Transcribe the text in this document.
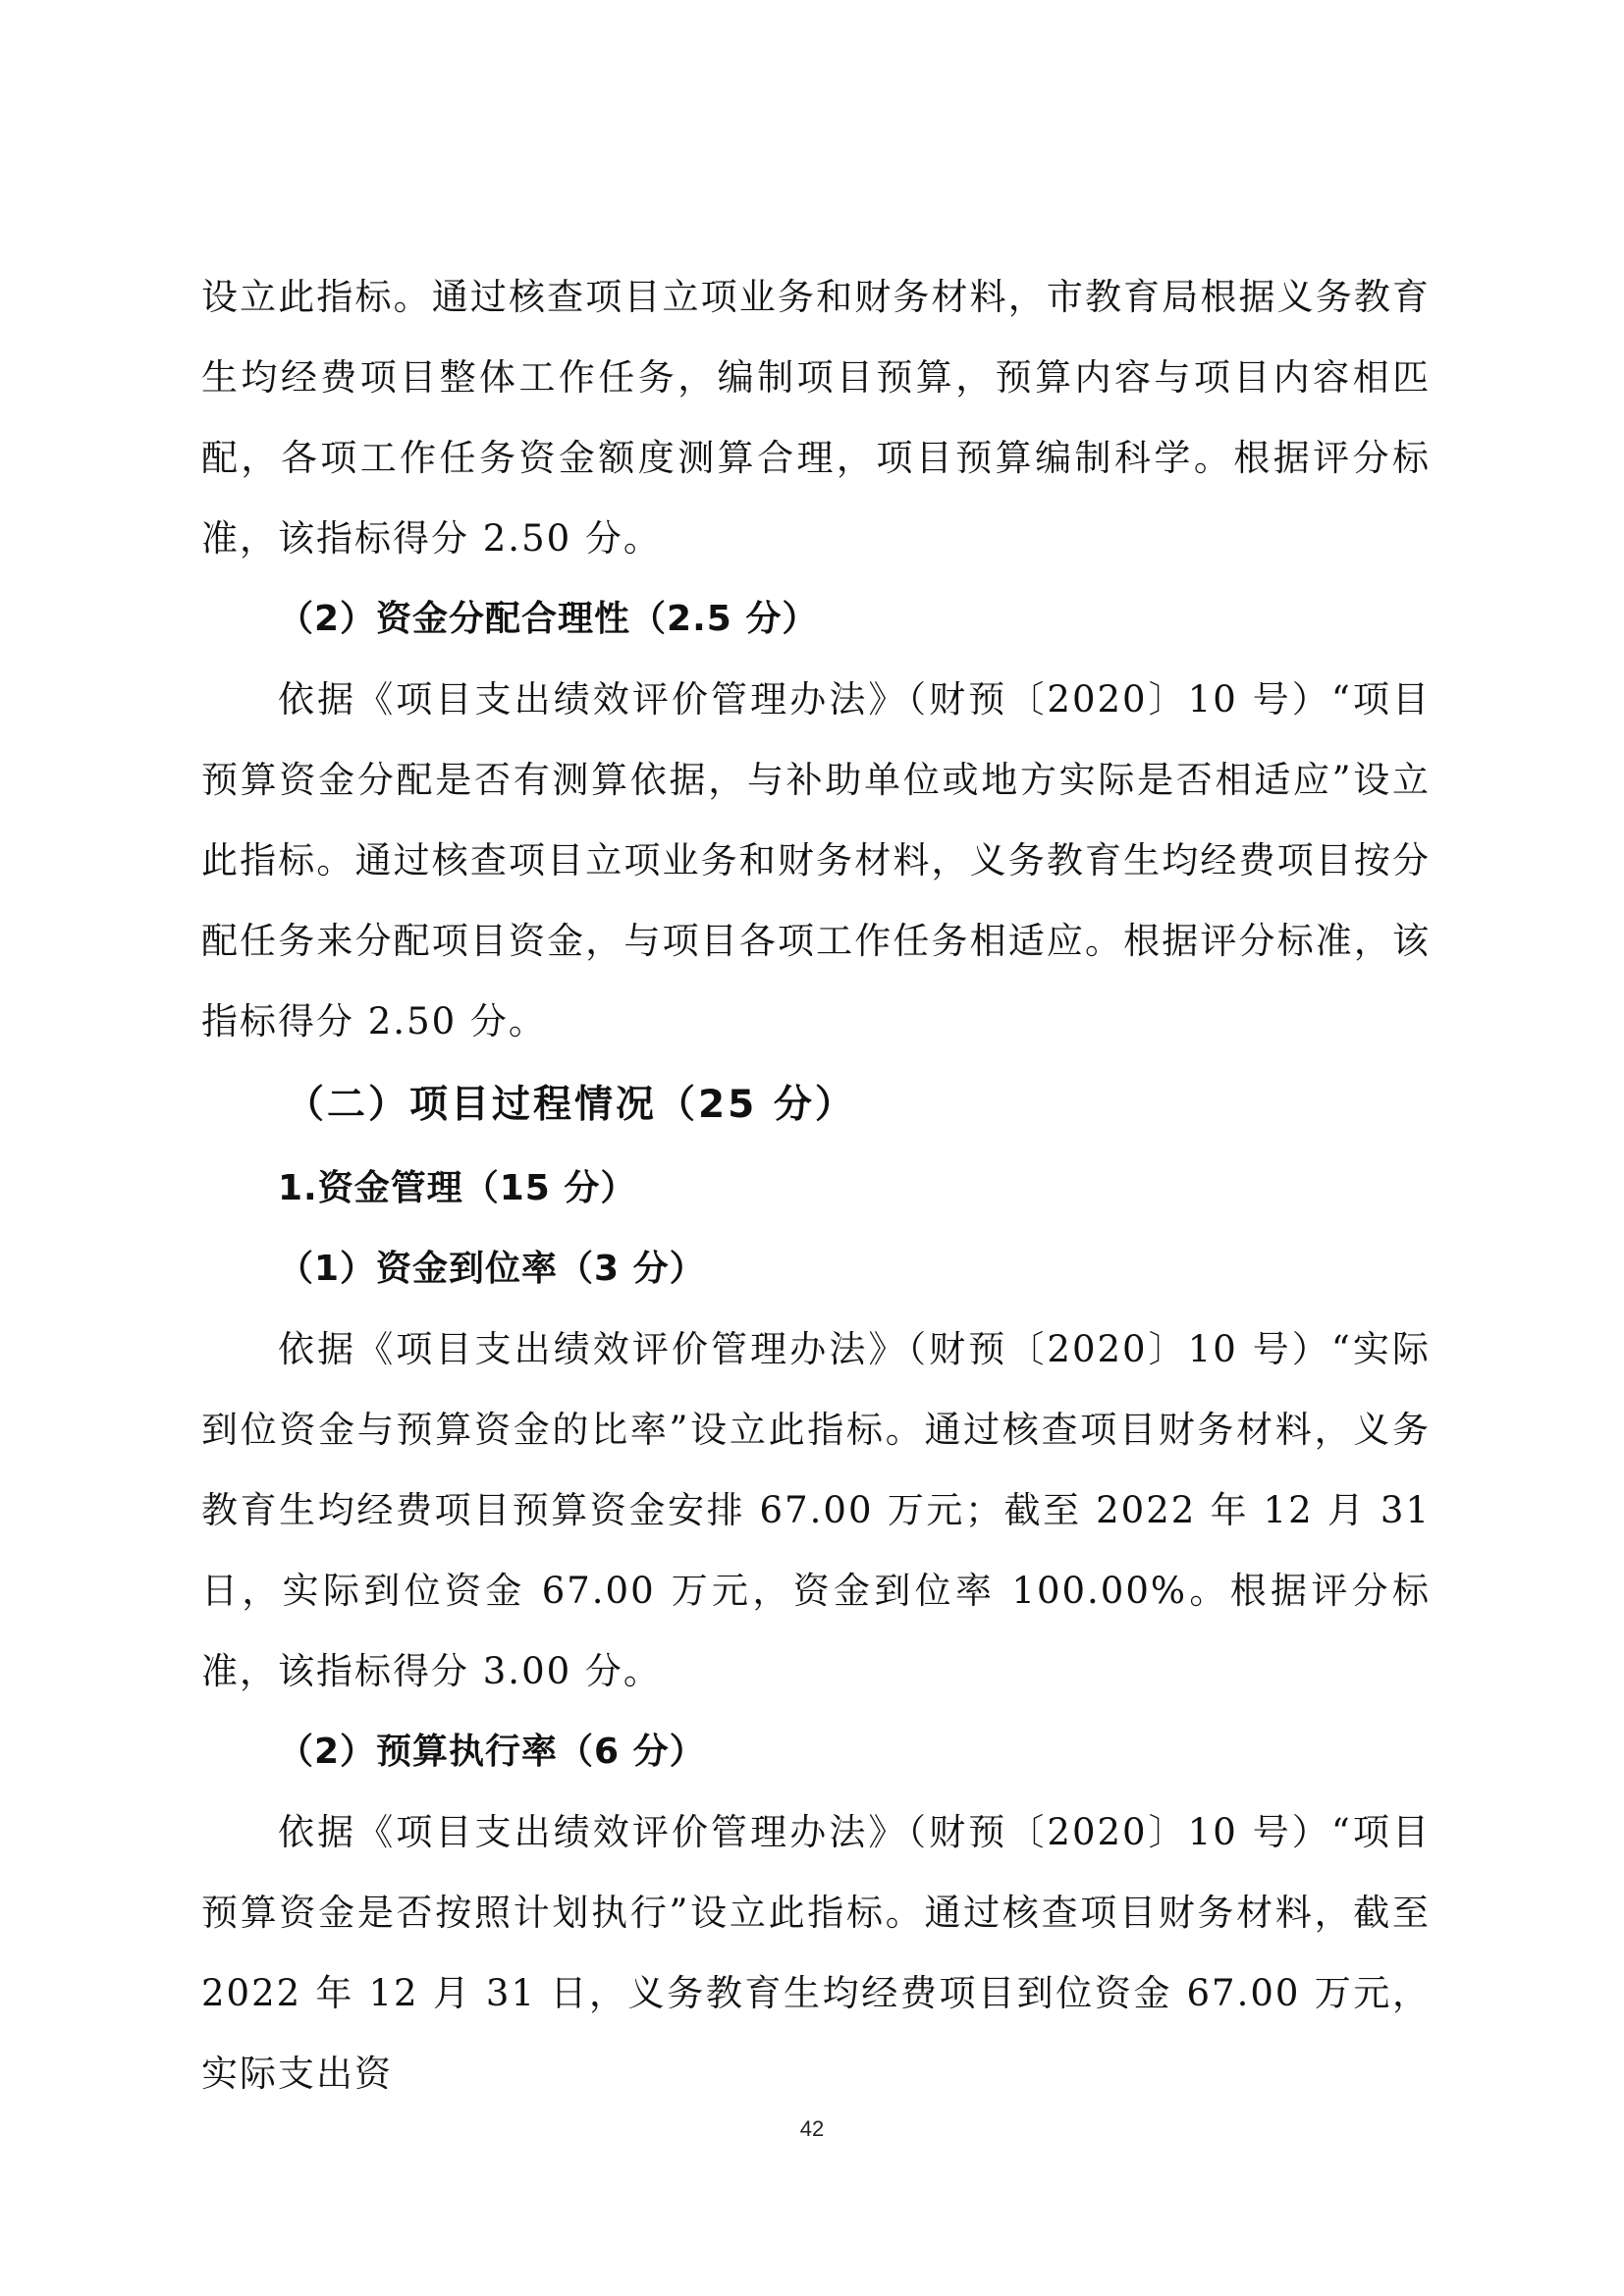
设立此指标。通过核查项目立项业务和财务材料，市教育局根据义务教育生均经费项目整体工作任务，编制项目预算，预算内容与项目内容相匹配，各项工作任务资金额度测算合理，项目预算编制科学。根据评分标准，该指标得分 2.50 分。

（2）资金分配合理性（2.5 分）

依据《项目支出绩效评价管理办法》（财预〔2020〕10 号）“项目预算资金分配是否有测算依据，与补助单位或地方实际是否相适应”设立此指标。通过核查项目立项业务和财务材料，义务教育生均经费项目按分配任务来分配项目资金，与项目各项工作任务相适应。根据评分标准，该指标得分 2.50 分。

（二）项目过程情况（25 分）

1.资金管理（15 分）

（1）资金到位率（3 分）

依据《项目支出绩效评价管理办法》（财预〔2020〕10 号）“实际到位资金与预算资金的比率”设立此指标。通过核查项目财务材料，义务教育生均经费项目预算资金安排 67.00 万元；截至 2022 年 12 月 31 日，实际到位资金 67.00 万元，资金到位率 100.00%。根据评分标准，该指标得分 3.00 分。

（2）预算执行率（6 分）

依据《项目支出绩效评价管理办法》（财预〔2020〕10 号）“项目预算资金是否按照计划执行”设立此指标。通过核查项目财务材料，截至 2022 年 12 月 31 日，义务教育生均经费项目到位资金 67.00 万元，实际支出资

42
